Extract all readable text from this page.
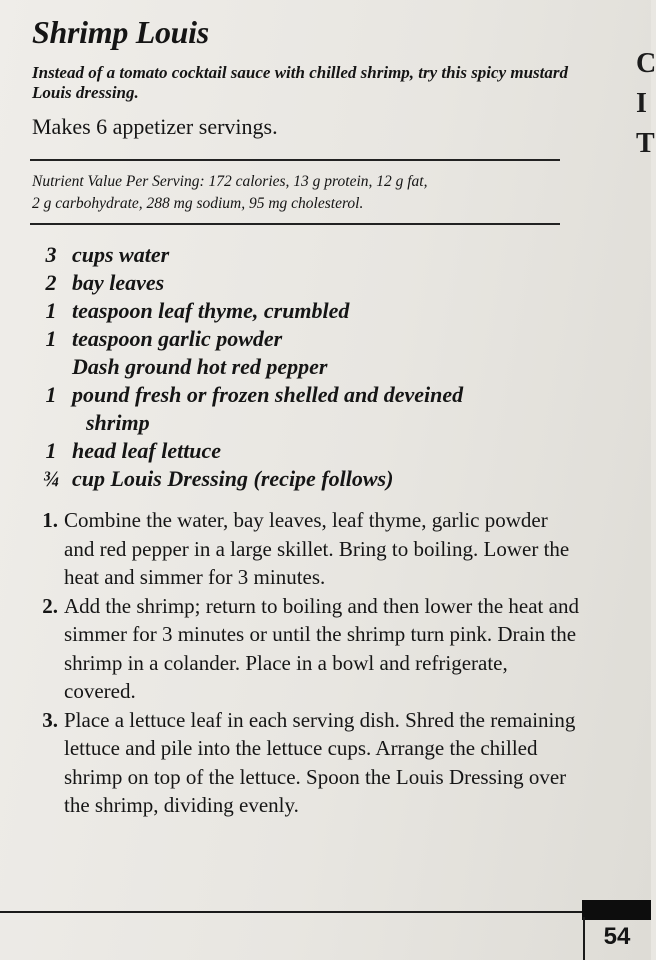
Shrimp Louis
Instead of a tomato cocktail sauce with chilled shrimp, try this spicy mustard Louis dressing.
Makes 6 appetizer servings.
Nutrient Value Per Serving: 172 calories, 13 g protein, 12 g fat,
2 g carbohydrate, 288 mg sodium, 95 mg cholesterol.
3 cups water
2 bay leaves
1 teaspoon leaf thyme, crumbled
1 teaspoon garlic powder
Dash ground hot red pepper
1 pound fresh or frozen shelled and deveined
shrimp
1 head leaf lettuce
¾ cup Louis Dressing (recipe follows)
1. Combine the water, bay leaves, leaf thyme, garlic powder and red pepper in a large skillet. Bring to boiling. Lower the heat and simmer for 3 minutes.
2. Add the shrimp; return to boiling and then lower the heat and simmer for 3 minutes or until the shrimp turn pink. Drain the shrimp in a colander. Place in a bowl and refrigerate, covered.
3. Place a lettuce leaf in each serving dish. Shred the remaining lettuce and pile into the lettuce cups. Arrange the chilled shrimp on top of the lettuce. Spoon the Louis Dressing over the shrimp, dividing evenly.
C
I
T
54
